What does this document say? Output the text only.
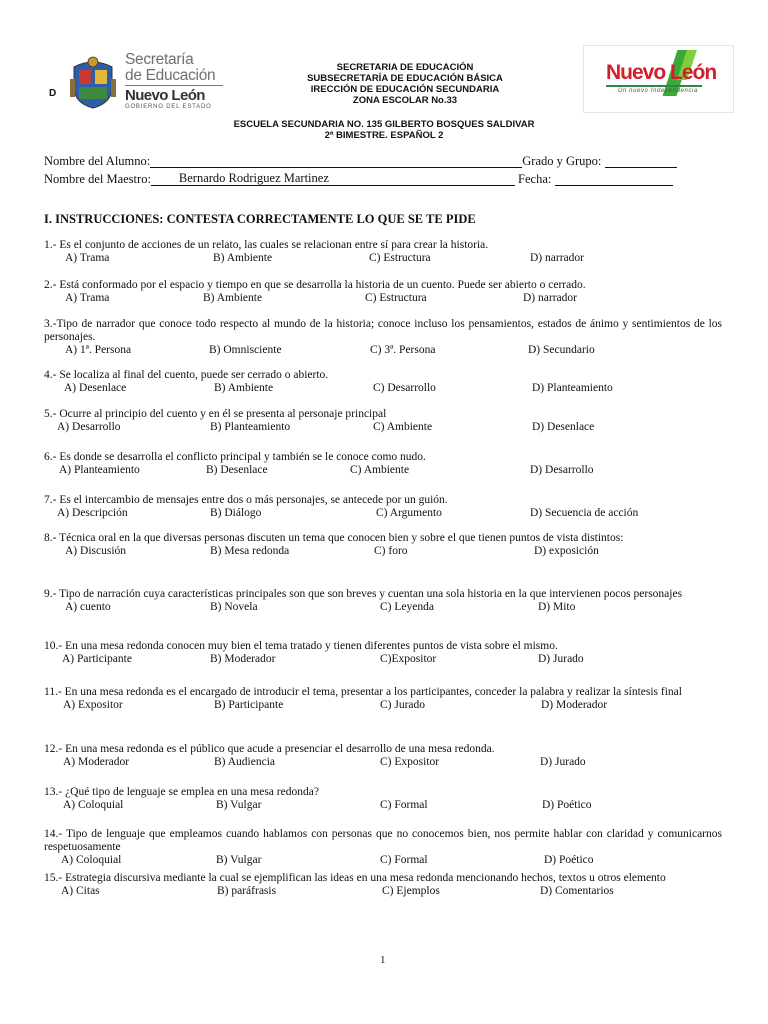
D
Secretaría
de Educación
Nuevo León
GOBIERNO DEL ESTADO
SECRETARIA DE EDUCACIÓN
SUBSECRETARÍA DE EDUCACIÓN BÁSICA
IRECCIÓN DE EDUCACIÓN SECUNDARIA
ZONA ESCOLAR No.33
Nuevo León
Un nuevo Independencia
ESCUELA SECUNDARIA NO. 135 GILBERTO BOSQUES SALDIVAR
2ª BIMESTRE. ESPAÑOL 2
Nombre del Alumno:	Grado y Grupo:
Nombre del Maestro: Bernardo Rodriguez Martinez	Fecha:
I. INSTRUCCIONES: CONTESTA CORRECTAMENTE LO QUE SE TE PIDE
1.- Es el conjunto de acciones de un relato, las cuales se relacionan entre sí para crear la historia.
A) Trama	B) Ambiente	C) Estructura	D) narrador
2.- Está conformado por el espacio y tiempo en que se desarrolla la historia de un cuento. Puede ser abierto o cerrado.
A) Trama	B) Ambiente	C) Estructura	D) narrador
3.-Tipo de narrador que conoce todo respecto al mundo de la historia; conoce incluso los pensamientos, estados de ánimo y sentimientos de los personajes.
A) 1ª. Persona	B) Omnisciente	C) 3ª. Persona	D) Secundario
4.- Se localiza al final del cuento, puede ser cerrado o abierto.
A) Desenlace	B) Ambiente	C) Desarrollo	D) Planteamiento
5.- Ocurre al principio del cuento y en él se presenta al personaje principal
A) Desarrollo	B) Planteamiento	C) Ambiente	D) Desenlace
6.- Es donde se desarrolla el conflicto principal y también se le conoce como nudo.
A) Planteamiento	B) Desenlace	C) Ambiente	D) Desarrollo
7.- Es el intercambio de mensajes entre dos o más personajes, se antecede por un guión.
A) Descripción	B) Diálogo	C) Argumento	D) Secuencia de acción
8.- Técnica oral en la que diversas personas discuten un tema que conocen bien y sobre el que tienen puntos de vista distintos:
A) Discusión	B) Mesa redonda	C) foro	D) exposición
9.- Tipo de narración cuya características principales son que son breves y cuentan una sola historia en la que intervienen pocos personajes
A) cuento	B) Novela	C) Leyenda	D) Mito
10.- En una mesa redonda conocen muy bien el tema tratado y tienen diferentes puntos de vista sobre el mismo.
A) Participante	B) Moderador	C)Expositor	D) Jurado
11.- En una mesa redonda es el encargado de introducir el tema, presentar a los participantes, conceder la palabra y realizar la síntesis final
A) Expositor	B) Participante	C) Jurado	D) Moderador
12.- En una mesa redonda es el público que acude a presenciar el desarrollo de una mesa redonda.
A) Moderador	B) Audiencia	C) Expositor	D) Jurado
13.- ¿Qué tipo de lenguaje se emplea en una mesa redonda?
A) Coloquial	B) Vulgar	C) Formal	D) Poético
14.- Tipo de lenguaje que empleamos cuando hablamos con personas que no conocemos bien, nos permite hablar con claridad y comunicarnos respetuosamente
A) Coloquial	B) Vulgar	C) Formal	D) Poético
15.- Estrategia discursiva mediante la cual se ejemplifican las ideas en una mesa redonda mencionando hechos, textos u otros elemento
A) Citas	B) paráfrasis	C) Ejemplos	D) Comentarios
1
